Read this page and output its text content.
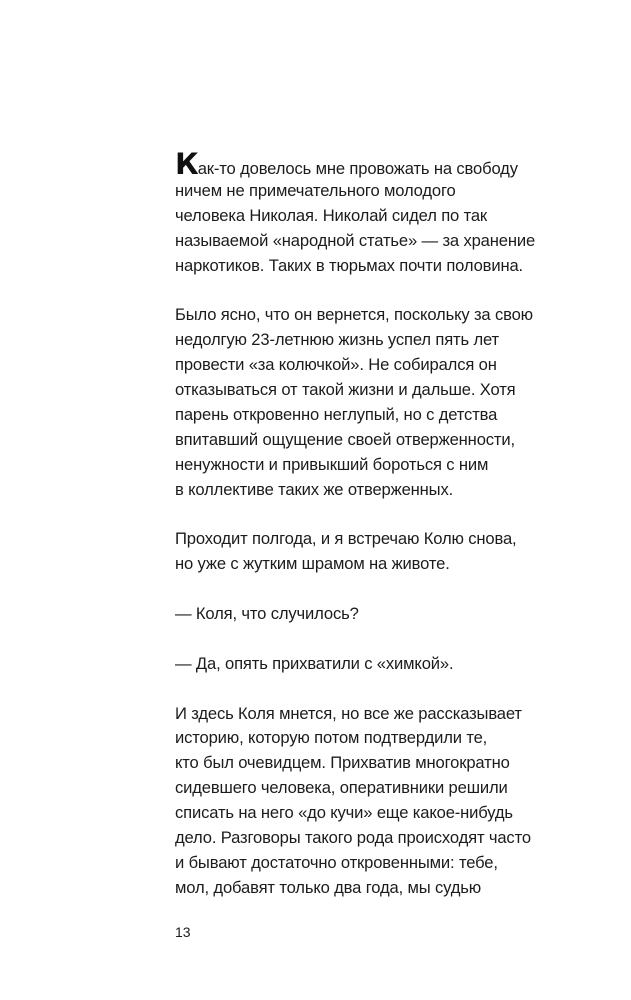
Как-то довелось мне провожать на свободу
ничем не примечательного молодого
человека Николая. Николай сидел по так
называемой «народной статье» — за хранение
наркотиков. Таких в тюрьмах почти половина.
Было ясно, что он вернется, поскольку за свою
недолгую 23-летнюю жизнь успел пять лет
провести «за колючкой». Не собирался он
отказываться от такой жизни и дальше. Хотя
парень откровенно неглупый, но с детства
впитавший ощущение своей отверженности,
ненужности и привыкший бороться с ним
в коллективе таких же отверженных.
Проходит полгода, и я встречаю Колю снова,
но уже с жутким шрамом на животе.
— Коля, что случилось?
— Да, опять прихватили с «химкой».
И здесь Коля мнется, но все же рассказывает
историю, которую потом подтвердили те,
кто был очевидцем. Прихватив многократно
сидевшего человека, оперативники решили
списать на него «до кучи» еще какое-нибудь
дело. Разговоры такого рода происходят часто
и бывают достаточно откровенными: тебе,
мол, добавят только два года, мы судью
13
